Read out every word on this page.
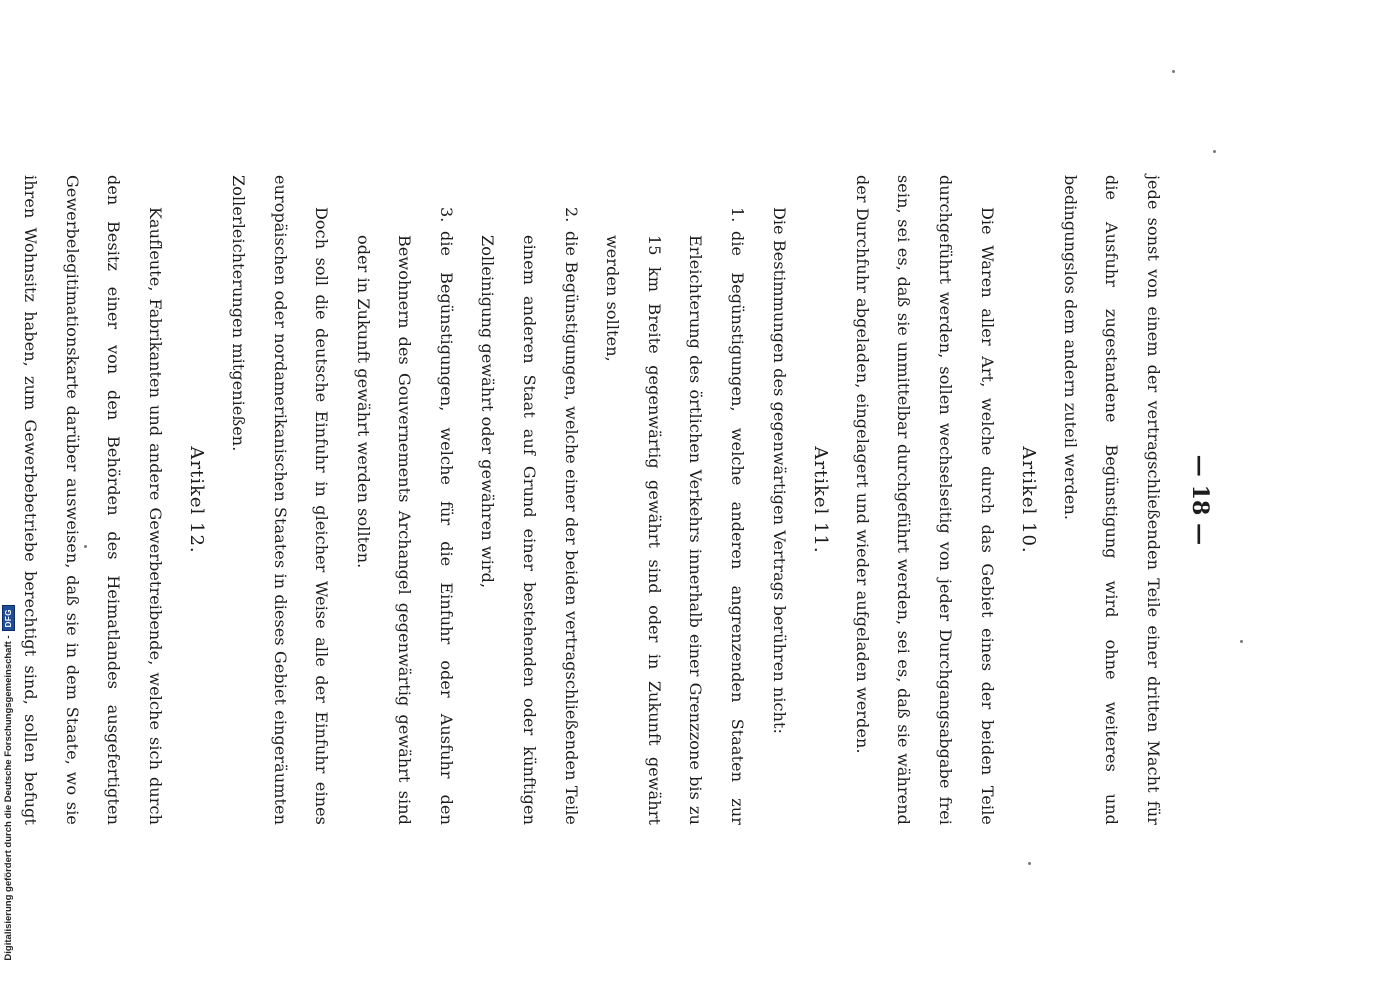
— 18 —

jede sonst von einem der vertragschließenden Teile einer dritten Macht für die Ausfuhr zugestandene Begünstigung wird ohne weiteres und bedingungslos dem andern zuteil werden.

Artikel 10.

Die Waren aller Art, welche durch das Gebiet eines der beiden Teile durchgeführt werden, sollen wechselseitig von jeder Durchgangsabgabe frei sein, sei es, daß sie unmittelbar durchgeführt werden, sei es, daß sie während der Durchfuhr abgeladen, eingelagert und wieder aufgeladen werden.

Artikel 11.

Die Bestimmungen des gegenwärtigen Vertrags berühren nicht:

1.die Begünstigungen, welche anderen angrenzenden Staaten zur Erleichterung des örtlichen Verkehrs innerhalb einer Grenzzone bis zu 15 km Breite gegenwärtig gewährt sind oder in Zukunft gewährt werden sollten,

2.die Begünstigungen, welche einer der beiden vertragschließenden Teile einem anderen Staat auf Grund einer bestehenden oder künftigen Zolleinigung gewährt oder gewähren wird,

3.die Begünstigungen, welche für die Einfuhr oder Ausfuhr den Bewohnern des Gouvernements Archangel gegenwärtig gewährt sind oder in Zukunft gewährt werden sollten.

Doch soll die deutsche Einfuhr in gleicher Weise alle der Einfuhr eines europäischen oder nordamerikanischen Staates in dieses Gebiet eingeräumten Zollerleichterungen mitgenießen.

Artikel 12.

Kaufleute, Fabrikanten und andere Gewerbetreibende, welche sich durch den Besitz einer von den Behörden des Heimatlandes ausgefertigten Gewerbelegitimationskarte darüber ausweisen, daß sie in dem Staate, wo sie ihren Wohnsitz haben, zum Gewerbebetriebe berechtigt sind, sollen befugt

Digitalisierung gefördert durch die Deutsche Forschungsgemeinschaft -
DFG
